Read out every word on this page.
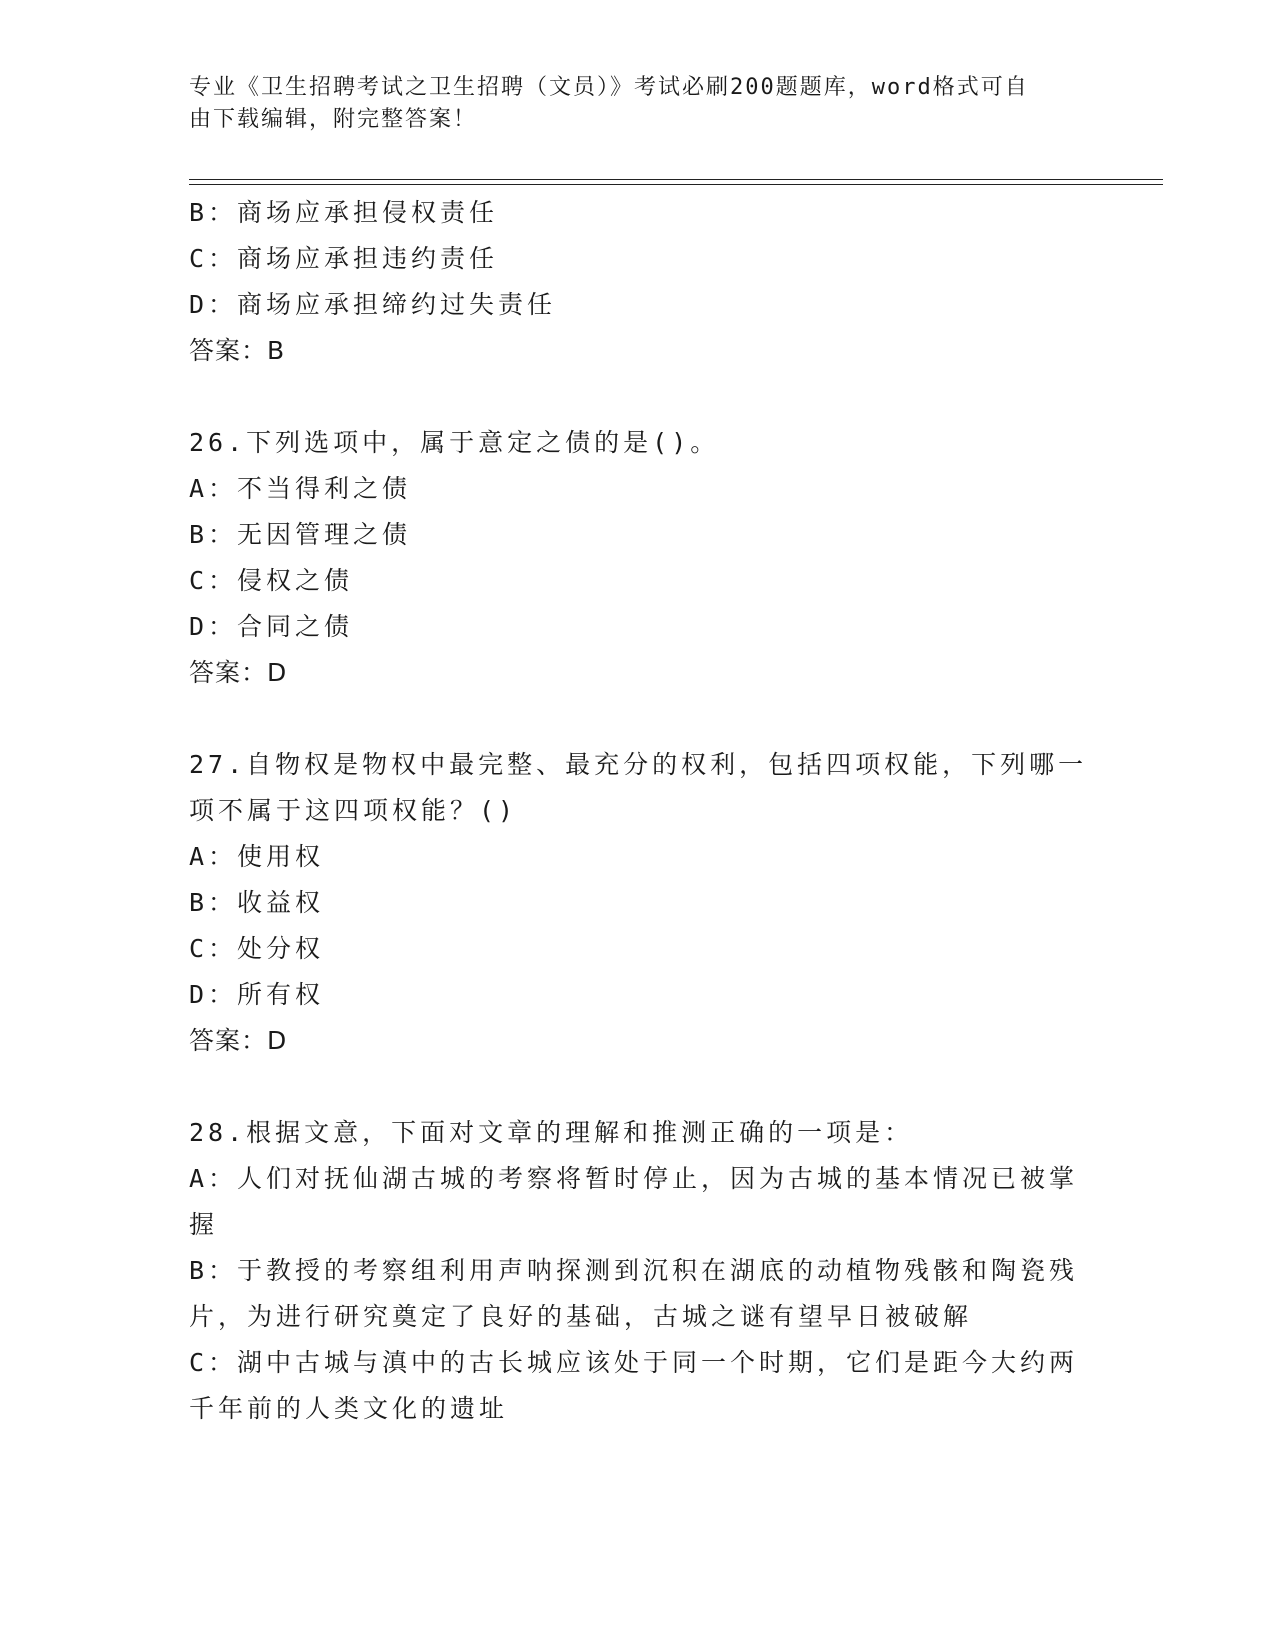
专业《卫生招聘考试之卫生招聘（文员）》考试必刷200题题库，word格式可自
由下载编辑，附完整答案！
B：商场应承担侵权责任
C：商场应承担违约责任
D：商场应承担缔约过失责任
答案：B
26.下列选项中，属于意定之债的是()。
A：不当得利之债
B：无因管理之债
C：侵权之债
D：合同之债
答案：D
27.自物权是物权中最完整、最充分的权利，包括四项权能，下列哪一
项不属于这四项权能？()
A：使用权
B：收益权
C：处分权
D：所有权
答案：D
28.根据文意，下面对文章的理解和推测正确的一项是：
A：人们对抚仙湖古城的考察将暂时停止，因为古城的基本情况已被掌
握
B：于教授的考察组利用声呐探测到沉积在湖底的动植物残骸和陶瓷残
片，为进行研究奠定了良好的基础，古城之谜有望早日被破解
C：湖中古城与滇中的古长城应该处于同一个时期，它们是距今大约两
千年前的人类文化的遗址
